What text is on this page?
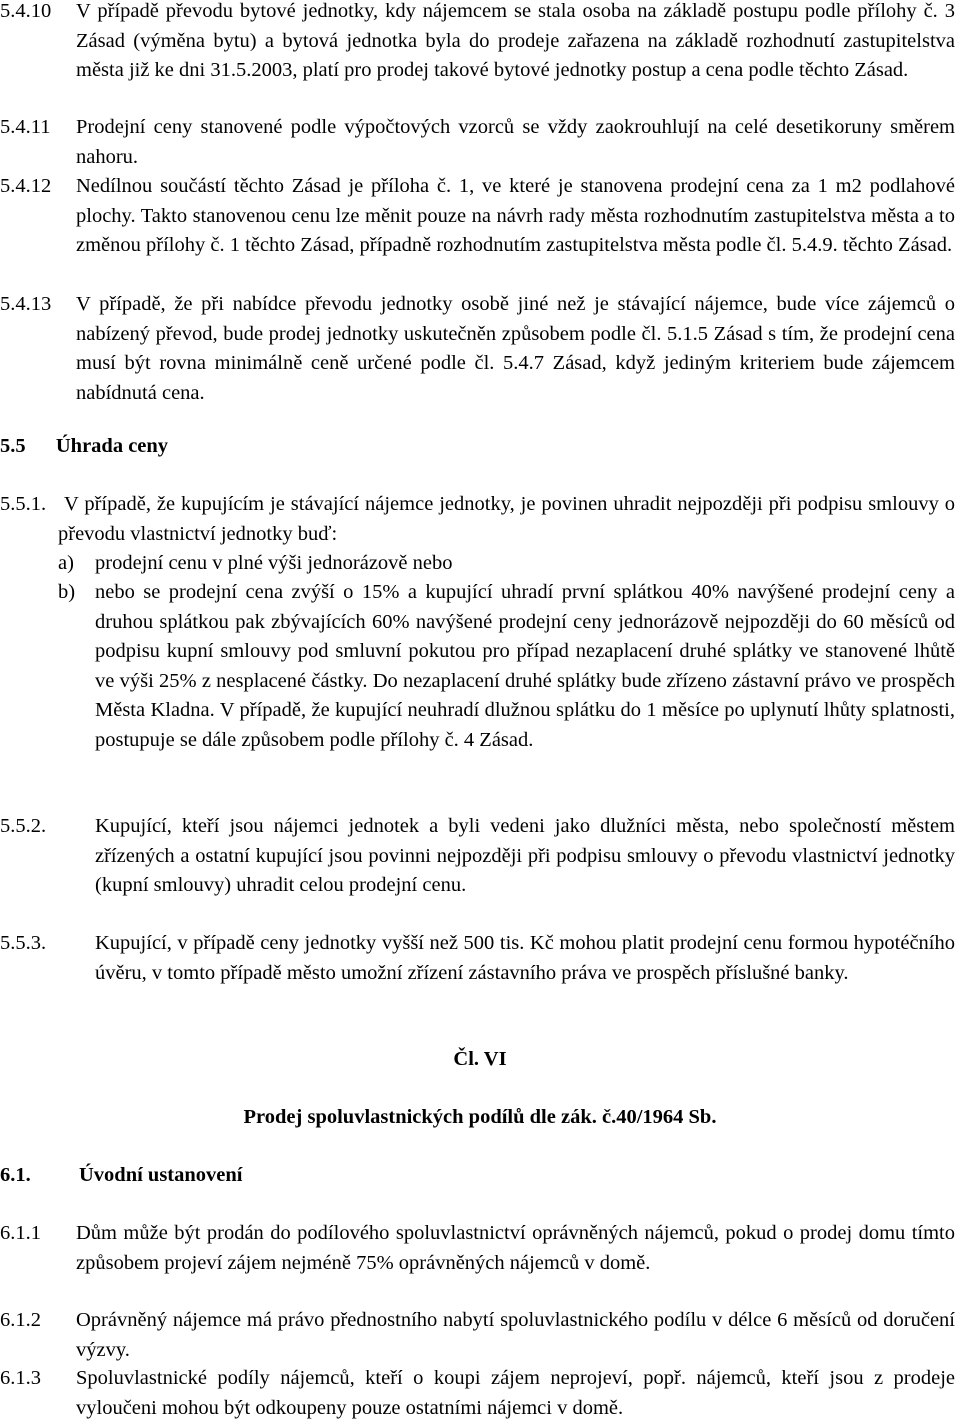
5.4.10 V případě převodu bytové jednotky, kdy nájemcem se stala osoba na základě postupu podle přílohy č. 3 Zásad (výměna bytu) a bytová jednotka byla do prodeje zařazena na základě rozhodnutí zastupitelstva města již ke dni 31.5.2003, platí pro prodej takové bytové jednotky postup a cena podle těchto Zásad.
5.4.11 Prodejní ceny stanovené podle výpočtových vzorců se vždy zaokrouhlují na celé desetikoruny směrem nahoru.
5.4.12 Nedílnou součástí těchto Zásad je příloha č. 1, ve které je stanovena prodejní cena za 1 m2 podlahové plochy. Takto stanovenou cenu lze měnit pouze na návrh rady města rozhodnutím zastupitelstva města a to změnou přílohy č. 1 těchto Zásad, případně rozhodnutím zastupitelstva města podle čl. 5.4.9. těchto Zásad.
5.4.13 V případě, že při nabídce převodu jednotky osobě jiné než je stávající nájemce, bude více zájemců o nabízený převod, bude prodej jednotky uskutečněn způsobem podle čl. 5.1.5 Zásad s tím, že prodejní cena musí být rovna minimálně ceně určené podle čl. 5.4.7 Zásad, když jediným kriteriem bude zájemcem nabídnutá cena.
5.5 Úhrada ceny
5.5.1. V případě, že kupujícím je stávající nájemce jednotky, je povinen uhradit nejpozději při podpisu smlouvy o převodu vlastnictví jednotky buď:
a) prodejní cenu v plné výši jednorázově nebo
b) nebo se prodejní cena zvýší o 15% a kupující uhradí první splátkou 40% navýšené prodejní ceny a druhou splátkou pak zbývajících 60% navýšené prodejní ceny jednorázově nejpozději do 60 měsíců od podpisu kupní smlouvy pod smluvní pokutou pro případ nezaplacení druhé splátky ve stanovené lhůtě ve výši 25% z nesplacené částky. Do nezaplacení druhé splátky bude zřízeno zástavní právo ve prospěch Města Kladna. V případě, že kupující neuhradí dlužnou splátku do 1 měsíce po uplynutí lhůty splatnosti, postupuje se dále způsobem podle přílohy č. 4 Zásad.
5.5.2. Kupující, kteří jsou nájemci jednotek a byli vedeni jako dlužníci města, nebo společností městem zřízených a ostatní kupující jsou povinni nejpozději při podpisu smlouvy o převodu vlastnictví jednotky (kupní smlouvy) uhradit celou prodejní cenu.
5.5.3. Kupující, v případě ceny jednotky vyšší než 500 tis. Kč mohou platit prodejní cenu formou hypotéčního úvěru, v tomto případě město umožní zřízení zástavního práva ve prospěch příslušné banky.
Čl. VI
Prodej spoluvlastnických podílů dle zák. č.40/1964 Sb.
6.1. Úvodní ustanovení
6.1.1 Dům může být prodán do podílového spoluvlastnictví oprávněných nájemců, pokud o prodej domu tímto způsobem projeví zájem nejméně 75% oprávněných nájemců v domě.
6.1.2 Oprávněný nájemce má právo přednostního nabytí spoluvlastnického podílu v délce 6 měsíců od doručení výzvy.
6.1.3 Spoluvlastnické podíly nájemců, kteří o koupi zájem neprojeví, popř. nájemců, kteří jsou z prodeje vyloučeni mohou být odkoupeny pouze ostatními nájemci v domě.
